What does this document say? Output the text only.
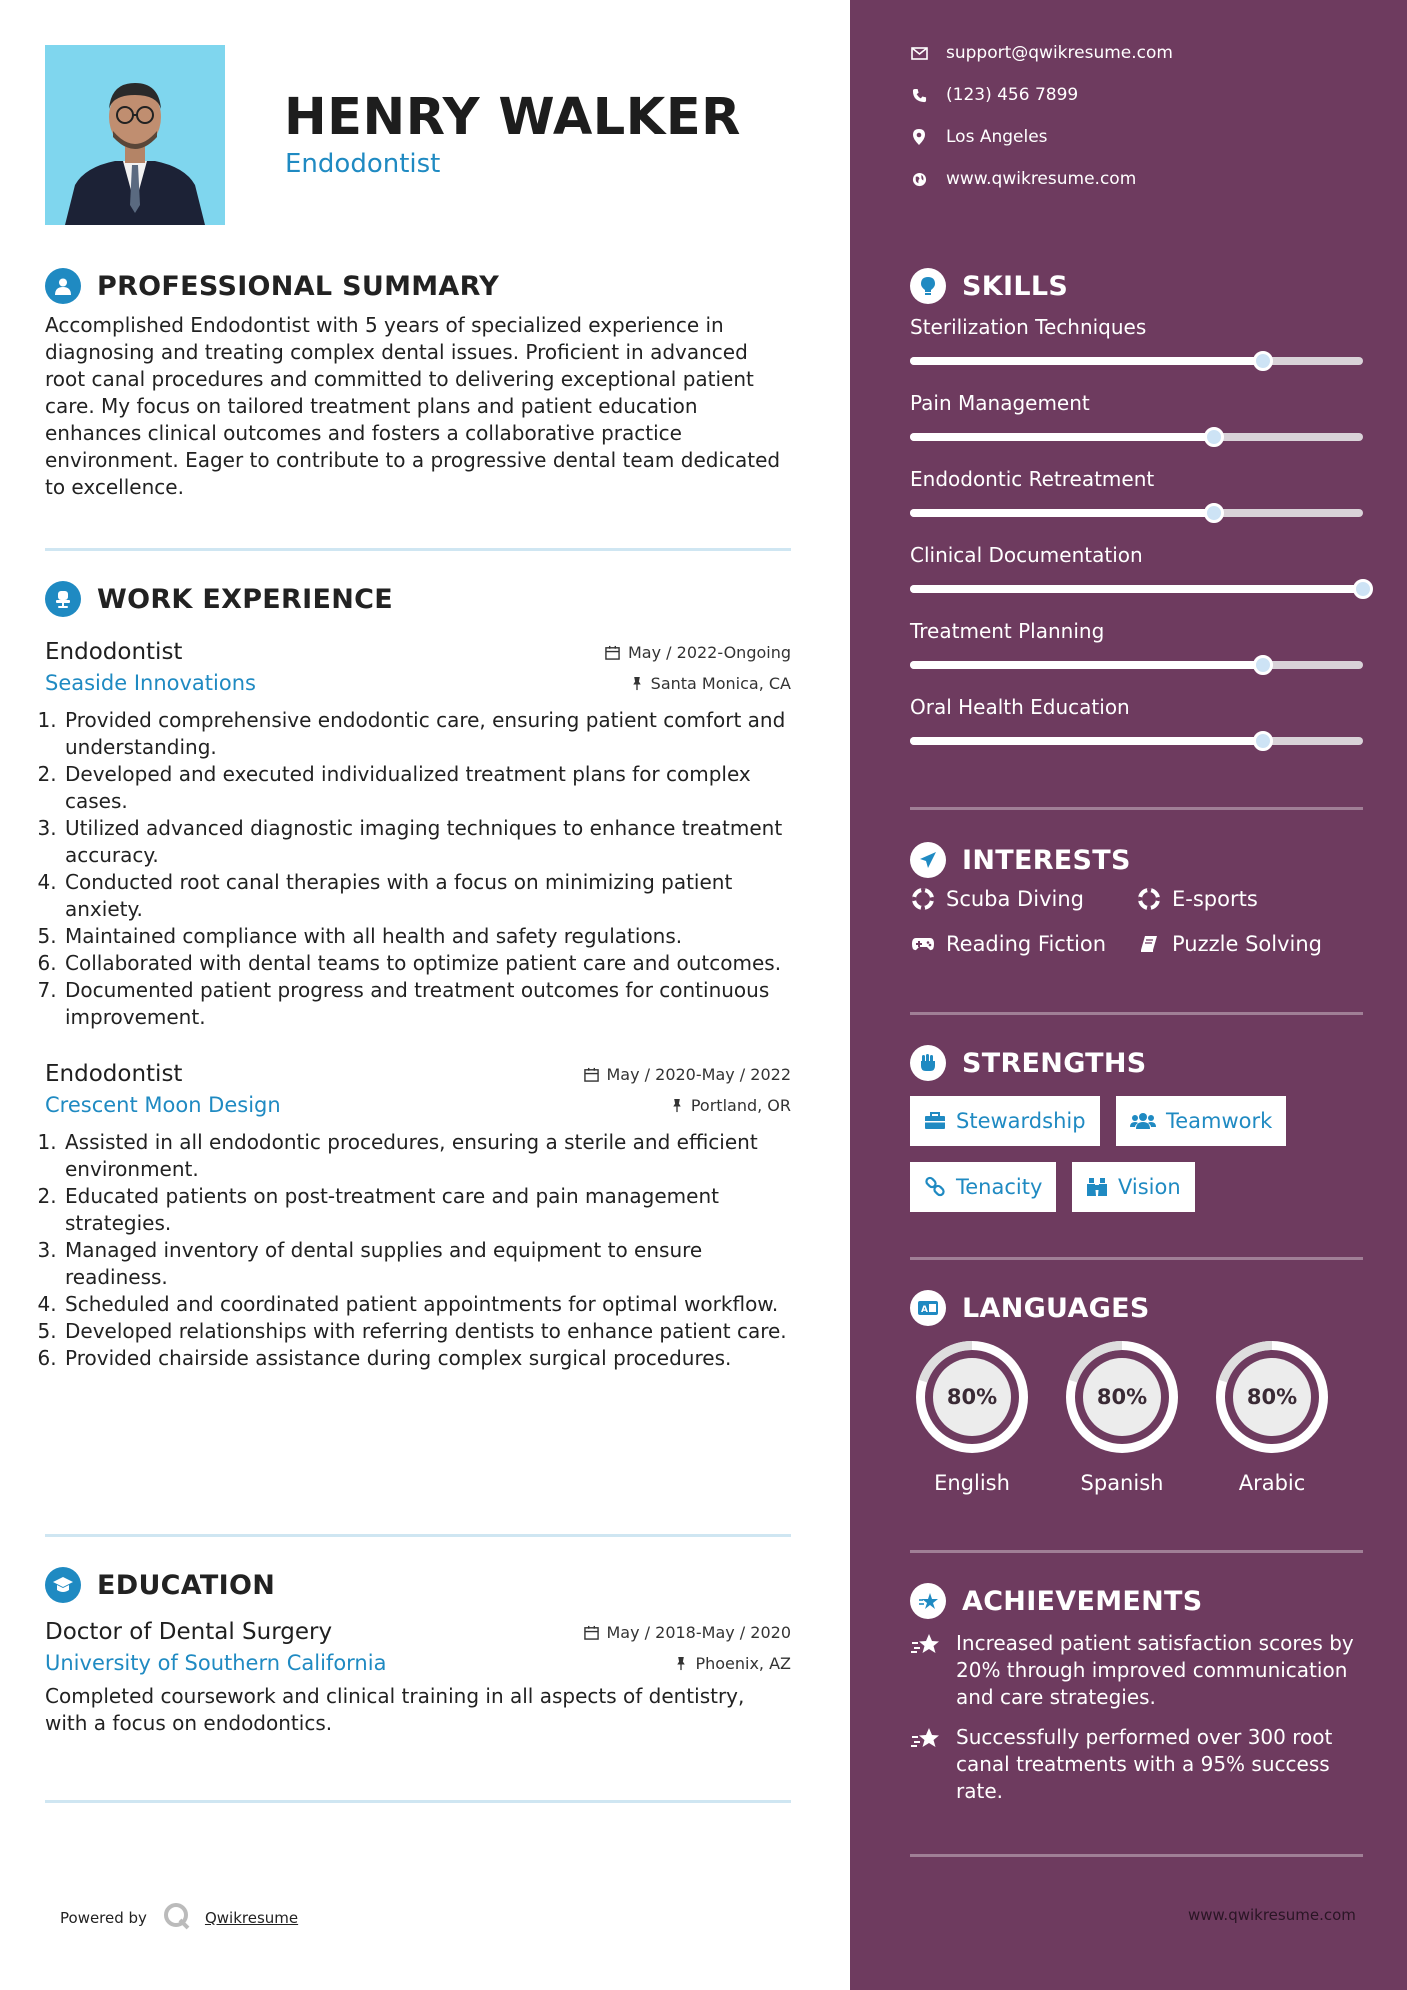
HENRY WALKER
Endodontist
PROFESSIONAL SUMMARY

Accomplished Endodontist with 5 years of specialized experience in diagnosing and treating complex dental issues. Proficient in advanced root canal procedures and committed to delivering exceptional patient care. My focus on tailored treatment plans and patient education enhances clinical outcomes and fosters a collaborative practice environment. Eager to contribute to a progressive dental team dedicated to excellence.

WORK EXPERIENCE
Endodontist	May / 2022-Ongoing
Seaside Innovations	Santa Monica, CA
1. Provided comprehensive endodontic care, ensuring patient comfort and understanding.
2. Developed and executed individualized treatment plans for complex cases.
3. Utilized advanced diagnostic imaging techniques to enhance treatment accuracy.
4. Conducted root canal therapies with a focus on minimizing patient anxiety.
5. Maintained compliance with all health and safety regulations.
6. Collaborated with dental teams to optimize patient care and outcomes.
7. Documented patient progress and treatment outcomes for continuous improvement.
Endodontist	May / 2020-May / 2022
Crescent Moon Design	Portland, OR
1. Assisted in all endodontic procedures, ensuring a sterile and efficient environment.
2. Educated patients on post-treatment care and pain management strategies.
3. Managed inventory of dental supplies and equipment to ensure readiness.
4. Scheduled and coordinated patient appointments for optimal workflow.
5. Developed relationships with referring dentists to enhance patient care.
6. Provided chairside assistance during complex surgical procedures.
EDUCATION
Doctor of Dental Surgery	May / 2018-May / 2020
University of Southern California	Phoenix, AZ

Completed coursework and clinical training in all aspects of dentistry, with a focus on endodontics.

Powered by	Qwikresume
support@qwikresume.com
(123) 456 7899
Los Angeles
www.qwikresume.com
SKILLS
Sterilization Techniques
Pain Management
Endodontic Retreatment
Clinical Documentation
Treatment Planning
Oral Health Education
INTERESTS
Scuba Diving	E-sports
Reading Fiction	Puzzle Solving
STRENGTHS
Stewardship	Teamwork
Tenacity	Vision
A LANGUAGES
80%
English
80%
Spanish
80%
Arabic
ACHIEVEMENTS
Increased patient satisfaction scores by 20% through improved communication and care strategies.
Successfully performed over 300 root canal treatments with a 95% success rate.
www.qwikresume.com
